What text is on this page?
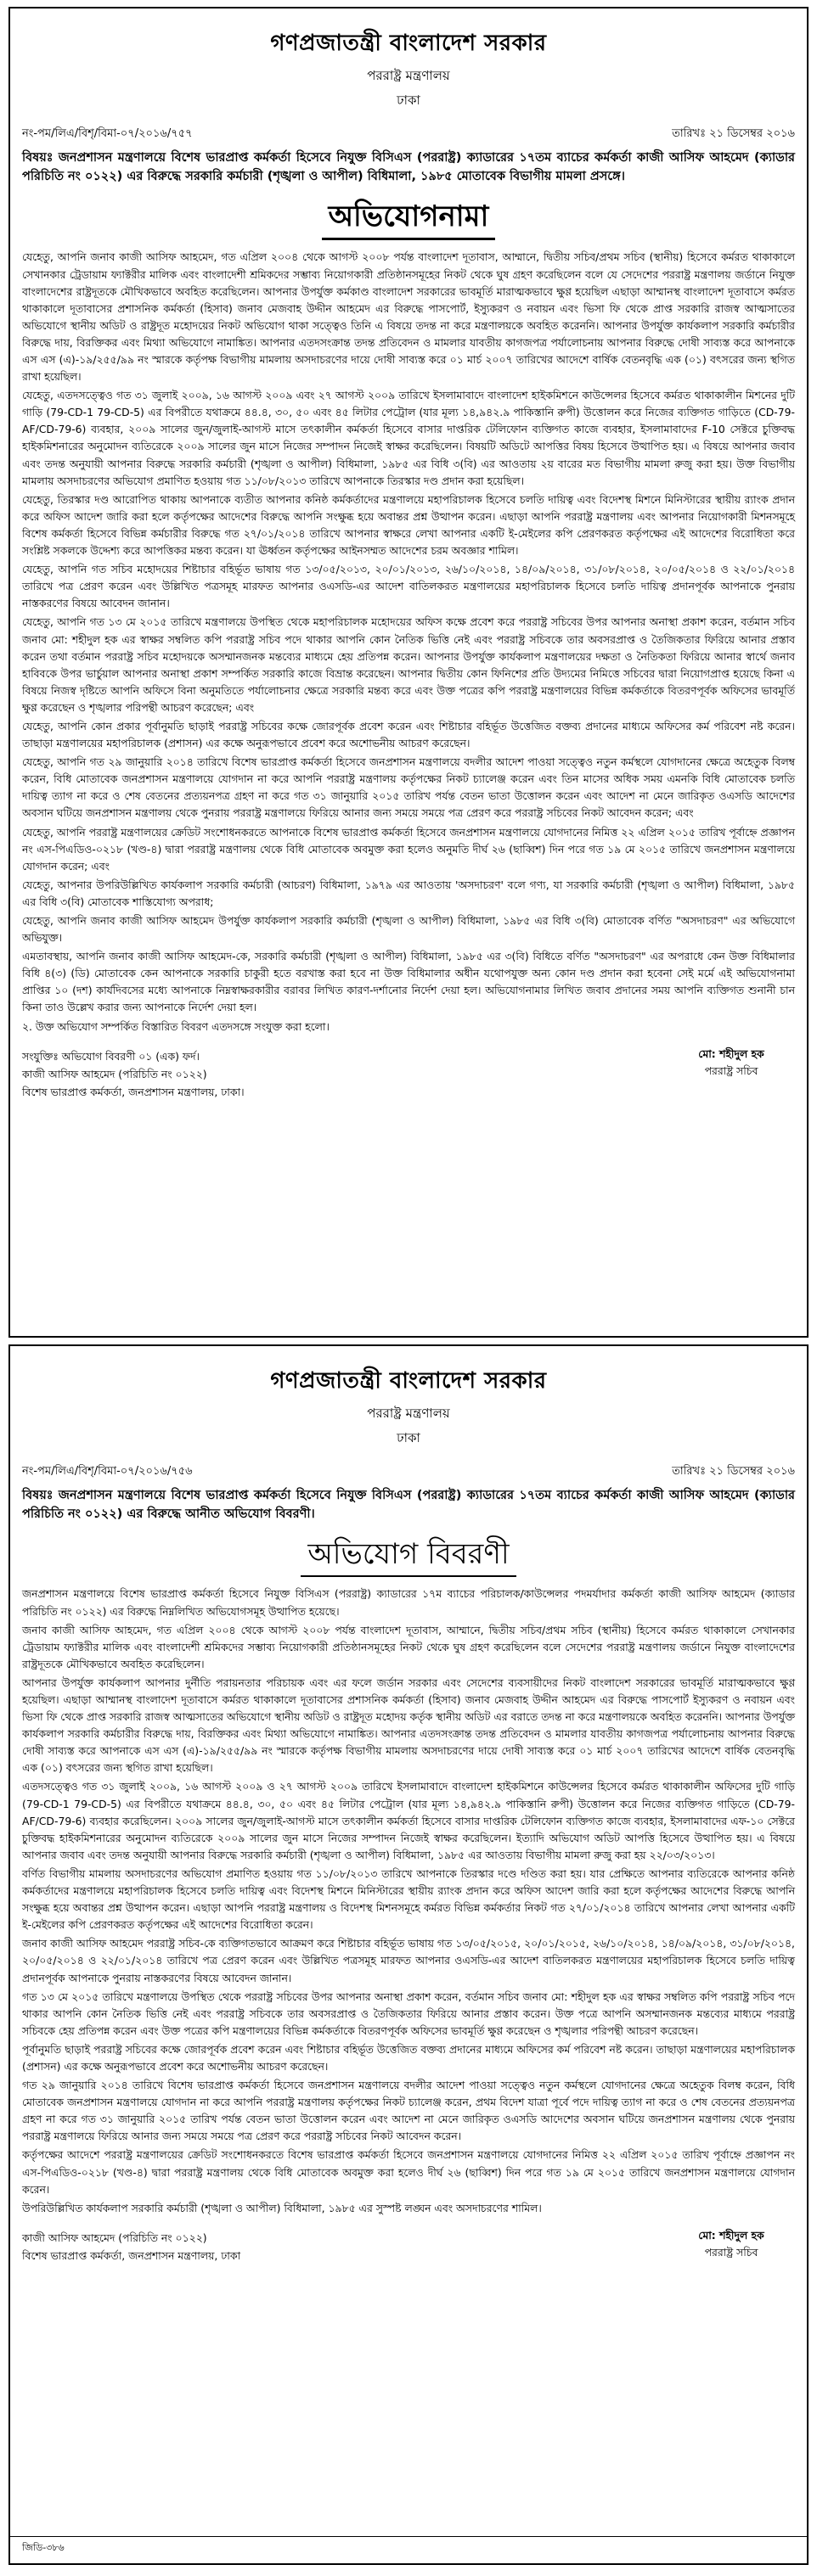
গণপ্রজাতন্ত্রী বাংলাদেশ সরকার
পররাষ্ট্র মন্ত্রণালয়
ঢাকা
নং-পম/লিএ/বিশৃ/বিমা-০৭/২০১৬/৭৫৭	তারিখঃ ২১ ডিসেম্বর ২০১৬
বিষয়ঃ জনপ্রশাসন মন্ত্রণালয়ে বিশেষ ভারপ্রাপ্ত কর্মকর্তা হিসেবে নিযুক্ত বিসিএস (পররাষ্ট্র) ক্যাডারের ১৭তম ব্যাচের কর্মকর্তা কাজী আসিফ আহমেদ (ক্যাডার পরিচিতি নং ০১২২) এর বিরুদ্ধে সরকারি কর্মচারী (শৃঙ্খলা ও আপীল) বিধিমালা, ১৯৮৫ মোতাবেক বিভাগীয় মামলা প্রসঙ্গে।
অভিযোগনামা

যেহেতু, আপনি জনাব কাজী আসিফ আহমেদ, গত এপ্রিল ২০০৪ থেকে আগস্ট ২০০৮ পর্যন্ত বাংলাদেশ দূতাবাস, আম্মানে, দ্বিতীয় সচিব/প্রথম সচিব (স্থানীয়) হিসেবে কর্মরত থাকাকালে সেখানকার ট্রেডায়াম ফ্যাক্টরীর মালিক এবং বাংলাদেশী শ্রমিকদের সম্ভাব্য নিয়োগকারী প্রতিষ্ঠানসমূহের নিকট থেকে ঘুষ গ্রহণ করেছিলেন বলে যে সেদেশের পররাষ্ট্র মন্ত্রণালয় জর্ডানে নিযুক্ত বাংলাদেশের রাষ্ট্রদূতকে মৌখিকভাবে অবহিত করেছিলেন। আপনার উপর্যুক্ত কর্মকাণ্ড বাংলাদেশ সরকারের ভাবমূর্তি মারাত্মকভাবে ক্ষুণ্ণ হয়েছিল এছাড়া আম্মানস্থ বাংলাদেশ দূতাবাসে কর্মরত থাকাকালে দূতাবাসের প্রশাসনিক কর্মকর্তা (হিসাব) জনাব মেজবাহ উদ্দীন আহমেদ এর বিরুদ্ধে পাসপোর্ট, ইস্যুকরণ ও নবায়ন এবং ভিসা ফি থেকে প্রাপ্ত সরকারি রাজস্ব আত্মসাতের অভিযোগে স্থানীয় অডিট ও রাষ্ট্রদূত মহোদয়ের নিকট অভিযোগ থাকা সত্ত্বেও তিনি এ বিষয়ে তদন্ত না করে মন্ত্রণালয়কে অবহিত করেননি। আপনার উপর্যুক্ত কার্যকলাপ সরকারি কর্মচারীর বিরুদ্ধে দায়, বিরক্তিকর এবং মিথ্যা অভিযোগে নামাঙ্কিত। আপনার এতদসংক্রান্ত তদন্ত প্রতিবেদন ও মামলার যাবতীয় কাগজপত্র পর্যালোচনায় আপনার বিরুদ্ধে দোষী সাব্যস্ত করে আপনাকে এস এস (এ)-১৯/২৫৫/৯৯ নং স্মারকে কর্তৃপক্ষ বিভাগীয় মামলায় অসদাচরণের দায়ে দোষী সাব্যস্ত করে ০১ মার্চ ২০০৭ তারিখের আদেশে বার্ষিক বেতনবৃদ্ধি এক (০১) বৎসরের জন্য স্থগিত রাখা হয়েছিল।

যেহেতু, এতদসত্ত্বেও গত ৩১ জুলাই ২০০৯, ১৬ আগস্ট ২০০৯ এবং ২৭ আগস্ট ২০০৯ তারিখে ইসলামাবাদে বাংলাদেশ হাইকমিশনে কাউন্সেলর হিসেবে কর্মরত থাকাকালীন মিশনের দুটি গাড়ি (79-CD-1 79-CD-5) এর বিপরীতে যথাক্রমে ৪৪.৪, ৩০, ৫০ এবং ৪৫ লিটার পেট্রোল (যার মূল্য ১৪,৯৪২.৯ পাকিস্তানি রুপী) উত্তোলন করে নিজের ব্যক্তিগত গাড়িতে (CD-79-AF/CD-79-6) ব্যবহার, ২০০৯ সালের জুন/জুলাই-আগস্ট মাসে তৎকালীন কর্মকর্তা হিসেবে বাসার দাপ্তরিক টেলিফোন ব্যক্তিগত কাজে ব্যবহার, ইসলামাবাদের F-10 সেক্টরে চুক্তিবদ্ধ হাইকমিশনারের অনুমোদন ব্যতিরেকে ২০০৯ সালের জুন মাসে নিজের সম্পাদন নিজেই স্বাক্ষর করেছিলেন। বিষয়টি অডিটে আপত্তির বিষয় হিসেবে উত্থাপিত হয়। এ বিষয়ে আপনার জবাব এবং তদন্ত অনুযায়ী আপনার বিরুদ্ধে সরকারি কর্মচারী (শৃঙ্খলা ও আপীল) বিধিমালা, ১৯৮৫ এর বিধি ৩(বি) এর আওতায় ২য় বারের মত বিভাগীয় মামলা রুজু করা হয়। উক্ত বিভাগীয় মামলায় অসদাচরণের অভিযোগ প্রমাণিত হওয়ায় গত ১১/০৮/২০১৩ তারিখে আপনাকে তিরস্কার দণ্ড প্রদান করা হয়েছিল।

যেহেতু, তিরস্কার দণ্ড আরোপিত থাকায় আপনাকে ব্যতীত আপনার কনিষ্ঠ কর্মকর্তাদের মন্ত্রণালয়ে মহাপরিচালক হিসেবে চলতি দায়িত্ব এবং বিদেশস্থ মিশনে মিনিস্টারের স্থায়ীয় র‌্যাংক প্রদান করে অফিস আদেশ জারি করা হলে কর্তৃপক্ষের আদেশের বিরুদ্ধে আপনি সংক্ষুব্ধ হয়ে অবান্তর প্রশ্ন উত্থাপন করেন। এছাড়া আপনি পররাষ্ট্র মন্ত্রণালয় এবং আপনার নিয়োগকারী মিশনসমূহে বিশেষ কর্মকর্তা হিসেবে বিভিন্ন কর্মচারীর বিরুদ্ধে গত ২৭/০১/২০১৪ তারিখে আপনার স্বাক্ষরে লেখা আপনার একটি ই-মেইলের কপি প্রেরণকরত কর্তৃপক্ষের এই আদেশের বিরোধিতা করে সংশ্লিষ্ট সকলকে উদ্দেশ্য করে আপত্তিকর মন্তব্য করেন। যা ঊর্ধ্বতন কর্তৃপক্ষের আইনসম্মত আদেশের চরম অবজ্ঞার শামিল।

যেহেতু, আপনি গত সচিব মহোদয়ের শিষ্টাচার বহির্ভূত ভাষায় গত ১৩/০৫/২০১৩, ২০/০১/২০১৩, ২৬/১০/২০১৪, ১৪/০৯/২০১৪, ৩১/০৮/২০১৪, ২০/০৫/২০১৪ ও ২২/০১/২০১৪ তারিখে পত্র প্রেরণ করেন এবং উল্লিখিত পত্রসমূহ মারফত আপনার ওএসডি-এর আদেশ বাতিলকরত মন্ত্রণালয়ের মহাপরিচালক হিসেবে চলতি দায়িত্ব প্রদানপূর্বক আপনাকে পুনরায় নাস্তকরণের বিষয়ে আবেদন জানান।

যেহেতু, আপনি গত ১৩ মে ২০১৫ তারিখে মন্ত্রণালয়ে উপস্থিত থেকে মহাপরিচালক মহোদয়ের অফিস কক্ষে প্রবেশ করে পররাষ্ট্র সচিবের উপর আপনার অনাস্থা প্রকাশ করেন, বর্তমান সচিব জনাব মো: শহীদুল হক এর স্বাক্ষর সম্বলিত কপি পররাষ্ট্র সচিব পদে থাকার আপনি কোন নৈতিক ভিত্তি নেই এবং পররাষ্ট্র সচিবকে তার অবসরপ্রাপ্ত ও তৈজিকতার ফিরিয়ে আনার প্রস্তাব করেন তথা বর্তমান পররাষ্ট্র সচিব মহোদয়কে অসম্মানজনক মন্তব্যের মাধ্যমে হেয় প্রতিপন্ন করেন। আপনার উপর্যুক্ত কার্যকলাপ মন্ত্রণালয়ের দক্ষতা ও নৈতিকতা ফিরিয়ে আনার স্বার্থে জনাব হাবিবকে উপর ভার্চুয়াল আপনার অনাস্থা প্রকাশ সম্পর্কিত সরকারি কাজে বিভ্রান্ত করেছেন। আপনার দ্বিতীয় কোন ফিনিশের প্রতি উদ্যমের নিমিত্তে সচিবের দ্বারা নিয়োগপ্রাপ্ত হয়েছে কিনা এ বিষয়ে নিজস্ব দৃষ্টিতে আপনি অফিসে বিনা অনুমতিতে পর্যালোচনার ক্ষেত্রে সরকারি মন্তব্য করে এবং উক্ত পত্রের কপি পররাষ্ট্র মন্ত্রণালয়ের বিভিন্ন কর্মকর্তাকে বিতরণপূর্বক অফিসের ভাবমূর্তি ক্ষুণ্ণ করেছেন ও শৃঙ্খলার পরিপন্থী আচরণ করেছেন; এবং

যেহেতু, আপনি কোন প্রকার পূর্বানুমতি ছাড়াই পররাষ্ট্র সচিবের কক্ষে জোরপূর্বক প্রবেশ করেন এবং শিষ্টাচার বহির্ভূত উত্তেজিত বক্তব্য প্রদানের মাধ্যমে অফিসের কর্ম পরিবেশ নষ্ট করেন। তাছাড়া মন্ত্রণালয়ের মহাপরিচালক (প্রশাসন) এর কক্ষে অনুরূপভাবে প্রবেশ করে অশোভনীয় আচরণ করেছেন।

যেহেতু, আপনি গত ২৯ জানুয়ারি ২০১৪ তারিখে বিশেষ ভারপ্রাপ্ত কর্মকর্তা হিসেবে জনপ্রশাসন মন্ত্রণালয়ে বদলীর আদেশ পাওয়া সত্ত্বেও নতুন কর্মস্থলে যোগদানের ক্ষেত্রে অহেতুক বিলম্ব করেন, বিধি মোতাবেক জনপ্রশাসন মন্ত্রণালয়ে যোগদান না করে আপনি পররাষ্ট্র মন্ত্রণালয় কর্তৃপক্ষের নিকট চ্যালেঞ্জ করেন এবং তিন মাসের অধিক সময় এমনকি বিধি মোতাবেক চলতি দায়িত্ব ত্যাগ না করে ও শেষ বেতনের প্রত্যয়নপত্র গ্রহণ না করে গত ৩১ জানুয়ারি ২০১৫ তারিখ পর্যন্ত বেতন ভাতা উত্তোলন করেন এবং আদেশ না মেনে জারিকৃত ওএসডি আদেশের অবসান ঘটিয়ে জনপ্রশাসন মন্ত্রণালয় থেকে পুনরায় পররাষ্ট্র মন্ত্রণালয়ে ফিরিয়ে আনার জন্য সময়ে সময়ে পত্র প্রেরণ করে পররাষ্ট্র সচিবের নিকট আবেদন করেন; এবং

যেহেতু, আপনি পররাষ্ট্র মন্ত্রণালয়ের ক্রেডিট সংশোধনকরতে আপনাকে বিশেষ ভারপ্রাপ্ত কর্মকর্তা হিসেবে জনপ্রশাসন মন্ত্রণালয়ে যোগদানের নিমিত্ত ২২ এপ্রিল ২০১৫ তারিখ পূর্বাহ্নে প্রজ্ঞাপন নং এস-পিএডিও-০২১৮ (খণ্ড-৪) দ্বারা পররাষ্ট্র মন্ত্রণালয় থেকে বিধি মোতাবেক অবমুক্ত করা হলেও অনুমতি দীর্ঘ ২৬ (ছাব্বিশ) দিন পরে গত ১৯ মে ২০১৫ তারিখে জনপ্রশাসন মন্ত্রণালয়ে যোগদান করেন; এবং

যেহেতু, আপনার উপরিউল্লিখিত কার্যকলাপ সরকারি কর্মচারী (আচরণ) বিধিমালা, ১৯৭৯ এর আওতায় 'অসদাচরণ' বলে গণ্য, যা সরকারি কর্মচারী (শৃঙ্খলা ও আপীল) বিধিমালা, ১৯৮৫ এর বিধি ৩(বি) মোতাবেক শাস্তিযোগ্য অপরাধ;

যেহেতু, আপনি জনাব কাজী আসিফ আহমেদ উপর্যুক্ত কার্যকলাপ সরকারি কর্মচারী (শৃঙ্খলা ও আপীল) বিধিমালা, ১৯৮৫ এর বিধি ৩(বি) মোতাবেক বর্ণিত "অসদাচরণ" এর অভিযোগে অভিযুক্ত।

এমতাবস্থায়, আপনি জনাব কাজী আসিফ আহমেদ-কে, সরকারি কর্মচারী (শৃঙ্খলা ও আপীল) বিধিমালা, ১৯৮৫ এর ৩(বি) বিধিতে বর্ণিত "অসদাচরণ" এর অপরাধে কেন উক্ত বিধিমালার বিধি ৪(৩) (ডি) মোতাবেক কেন আপনাকে সরকারি চাকুরী হতে বরখাস্ত করা হবে না উক্ত বিধিমালার অধীন যথোপযুক্ত অন্য কোন দণ্ড প্রদান করা হবেনা সেই মর্মে এই অভিযোগনামা প্রাপ্তির ১০ (দশ) কার্যদিবসের মধ্যে আপনাকে নিম্নস্বাক্ষরকারীর বরাবর লিখিত কারণ-দর্শানোর নির্দেশ দেয়া হল। অভিযোগনামার লিখিত জবাব প্রদানের সময় আপনি ব্যক্তিগত শুনানী চান কিনা তাও উল্লেখ করার জন্য আপনাকে নির্দেশ দেয়া হল।

২. উক্ত অভিযোগ সম্পর্কিত বিস্তারিত বিবরণ এতদসঙ্গে সংযুক্ত করা হলো।

সংযুক্তিঃ অভিযোগ বিবরণী ০১ (এক) ফর্দ।
কাজী আসিফ আহমেদ (পরিচিতি নং ০১২২)
বিশেষ ভারপ্রাপ্ত কর্মকর্তা, জনপ্রশাসন মন্ত্রণালয়, ঢাকা।
মো: শহীদুল হক
পররাষ্ট্র সচিব
গণপ্রজাতন্ত্রী বাংলাদেশ সরকার
পররাষ্ট্র মন্ত্রণালয়
ঢাকা
নং-পম/লিএ/বিশৃ/বিমা-০৭/২০১৬/৭৫৬	তারিখঃ ২১ ডিসেম্বর ২০১৬
বিষয়ঃ জনপ্রশাসন মন্ত্রণালয়ে বিশেষ ভারপ্রাপ্ত কর্মকর্তা হিসেবে নিযুক্ত বিসিএস (পররাষ্ট্র) ক্যাডারের ১৭তম ব্যাচের কর্মকর্তা কাজী আসিফ আহমেদ (ক্যাডার পরিচিতি নং ০১২২) এর বিরুদ্ধে আনীত অভিযোগ বিবরণী।
অভিযোগ বিবরণী

জনপ্রশাসন মন্ত্রণালয়ে বিশেষ ভারপ্রাপ্ত কর্মকর্তা হিসেবে নিযুক্ত বিসিএস (পররাষ্ট্র) ক্যাডারের ১৭ম ব্যাচের পরিচালক/কাউন্সেলর পদমর্যাদার কর্মকর্তা কাজী আসিফ আহমেদ (ক্যাডার পরিচিতি নং ০১২২) এর বিরুদ্ধে নিম্নলিখিত অভিযোগসমূহ উত্থাপিত হয়েছে।

জনাব কাজী আসিফ আহমেদ, গত এপ্রিল ২০০৪ থেকে আগস্ট ২০০৮ পর্যন্ত বাংলাদেশ দূতাবাস, আম্মানে, দ্বিতীয় সচিব/প্রথম সচিব (স্থানীয়) হিসেবে কর্মরত থাকাকালে সেখানকার ট্রেডায়াম ফ্যাক্টরীর মালিক এবং বাংলাদেশী শ্রমিকদের সম্ভাব্য নিয়োগকারী প্রতিষ্ঠানসমূহের নিকট থেকে ঘুষ গ্রহণ করেছিলেন বলে সেদেশের পররাষ্ট্র মন্ত্রণালয় জর্ডানে নিযুক্ত বাংলাদেশের রাষ্ট্রদূতকে মৌখিকভাবে অবহিত করেছিলেন।

আপনার উপর্যুক্ত কার্যকলাপ আপনার দুর্নীতি পরায়নতার পরিচায়ক এবং এর ফলে জর্ডান সরকার এবং সেদেশের ব্যবসায়ীদের নিকট বাংলাদেশ সরকারের ভাবমূর্তি মারাত্মকভাবে ক্ষুণ্ণ হয়েছিল। এছাড়া আম্মানস্থ বাংলাদেশ দূতাবাসে কর্মরত থাকাকালে দূতাবাসের প্রশাসনিক কর্মকর্তা (হিসাব) জনাব মেজবাহ উদ্দীন আহমেদ এর বিরুদ্ধে পাসপোর্ট ইস্যুকরণ ও নবায়ন এবং ভিসা ফি থেকে প্রাপ্ত সরকারি রাজস্ব আত্মসাতের অভিযোগে স্থানীয় অডিট ও রাষ্ট্রদূত মহোদয় কর্তৃক স্থানীয় অডিট এর বরাতে তদন্ত না করে মন্ত্রণালয়কে অবহিত করেননি। আপনার উপর্যুক্ত কার্যকলাপ সরকারি কর্মচারীর বিরুদ্ধে দায়, বিরক্তিকর এবং মিথ্যা অভিযোগে নামাঙ্কিত। আপনার এতদসংক্রান্ত তদন্ত প্রতিবেদন ও মামলার যাবতীয় কাগজপত্র পর্যালোচনায় আপনার বিরুদ্ধে দোষী সাব্যস্ত করে আপনাকে এস এস (এ)-১৯/২৫৫/৯৯ নং স্মারকে কর্তৃপক্ষ বিভাগীয় মামলায় অসদাচরণের দায়ে দোষী সাব্যস্ত করে ০১ মার্চ ২০০৭ তারিখের আদেশে বার্ষিক বেতনবৃদ্ধি এক (০১) বৎসরের জন্য স্থগিত রাখা হয়েছিল।

এতদসত্ত্বেও গত ৩১ জুলাই ২০০৯, ১৬ আগস্ট ২০০৯ ও ২৭ আগস্ট ২০০৯ তারিখে ইসলামাবাদে বাংলাদেশ হাইকমিশনে কাউন্সেলর হিসেবে কর্মরত থাকাকালীন অফিসের দুটি গাড়ি (79-CD-1 79-CD-5) এর বিপরীতে যথাক্রমে ৪৪.৪, ৩০, ৫০ এবং ৪৫ লিটার পেট্রোল (যার মূল্য ১৪,৯৪২.৯ পাকিস্তানি রুপী) উত্তোলন করে নিজের ব্যক্তিগত গাড়িতে (CD-79-AF/CD-79-6) ব্যবহার করেছিলেন। ২০০৯ সালের জুন/জুলাই-আগস্ট মাসে তৎকালীন কর্মকর্তা হিসেবে বাসার দাপ্তরিক টেলিফোন ব্যক্তিগত কাজে ব্যবহার, ইসলামাবাদের এফ-১০ সেক্টরে চুক্তিবদ্ধ হাইকমিশনারের অনুমোদন ব্যতিরেকে ২০০৯ সালের জুন মাসে নিজের সম্পাদন নিজেই স্বাক্ষর করেছিলেন। ইত্যাদি অভিযোগ অডিট আপত্তি হিসেবে উত্থাপিত হয়। এ বিষয়ে আপনার জবাব এবং তদন্ত অনুযায়ী আপনার বিরুদ্ধে সরকারি কর্মচারী (শৃঙ্খলা ও আপীল) বিধিমালা, ১৯৮৫ এর আওতায় বিভাগীয় মামলা রুজু করা হয় ২২/০৩/২০১৩।

বর্ণিত বিভাগীয় মামলায় অসদাচরণের অভিযোগ প্রমাণিত হওয়ায় গত ১১/০৮/২০১৩ তারিখে আপনাকে তিরস্কার দণ্ডে দণ্ডিত করা হয়। যার প্রেক্ষিতে আপনার ব্যতিরেকে আপনার কনিষ্ঠ কর্মকর্তাদের মন্ত্রণালয়ে মহাপরিচালক হিসেবে চলতি দায়িত্ব এবং বিদেশস্থ মিশনে মিনিস্টারের স্থায়ীয় র‌্যাংক প্রদান করে অফিস আদেশ জারি করা হলে কর্তৃপক্ষের আদেশের বিরুদ্ধে আপনি সংক্ষুব্ধ হয়ে অবান্তর প্রশ্ন উত্থাপন করেন। এছাড়া আপনি পররাষ্ট্র মন্ত্রণালয় ও বিদেশস্থ মিশনসমূহে কর্মরত বিভিন্ন কর্মকর্তার নিকট গত ২৭/০১/২০১৪ তারিখে আপনার লেখা আপনার একটি ই-মেইলের কপি প্রেরণকরত কর্তৃপক্ষের এই আদেশের বিরোধিতা করেন।

জনাব কাজী আসিফ আহমেদ পররাষ্ট্র সচিব-কে ব্যক্তিগতভাবে আক্রমণ করে শিষ্টাচার বহির্ভূত ভাষায় গত ১৩/০৫/২০১৫, ২০/০১/২০১৫, ২৬/১০/২০১৪, ১৪/০৯/২০১৪, ৩১/০৮/২০১৪, ২০/০৫/২০১৪ ও ২২/০১/২০১৪ তারিখে পত্র প্রেরণ করেন এবং উল্লিখিত পত্রসমূহ মারফত আপনার ওএসডি-এর আদেশ বাতিলকরত মন্ত্রণালয়ের মহাপরিচালক হিসেবে চলতি দায়িত্ব প্রদানপূর্বক আপনাকে পুনরায় নাস্তকরণের বিষয়ে আবেদন জানান।

গত ১৩ মে ২০১৫ তারিখে মন্ত্রণালয়ে উপস্থিত থেকে পররাষ্ট্র সচিবের উপর আপনার অনাস্থা প্রকাশ করেন, বর্তমান সচিব জনাব মো: শহীদুল হক এর স্বাক্ষর সম্বলিত কপি পররাষ্ট্র সচিব পদে থাকার আপনি কোন নৈতিক ভিত্তি নেই এবং পররাষ্ট্র সচিবকে তার অবসরপ্রাপ্ত ও তৈজিকতার ফিরিয়ে আনার প্রস্তাব করেন। উক্ত পত্রে আপনি অসম্মানজনক মন্তব্যের মাধ্যমে পররাষ্ট্র সচিবকে হেয় প্রতিপন্ন করেন এবং উক্ত পত্রের কপি মন্ত্রণালয়ের বিভিন্ন কর্মকর্তাকে বিতরণপূর্বক অফিসের ভাবমূর্তি ক্ষুণ্ণ করেছেন ও শৃঙ্খলার পরিপন্থী আচরণ করেছেন।

পূর্বানুমতি ছাড়াই পররাষ্ট্র সচিবের কক্ষে জোরপূর্বক প্রবেশ করেন এবং শিষ্টাচার বহির্ভূত উত্তেজিত বক্তব্য প্রদানের মাধ্যমে অফিসের কর্ম পরিবেশ নষ্ট করেন। তাছাড়া মন্ত্রণালয়ের মহাপরিচালক (প্রশাসন) এর কক্ষে অনুরূপভাবে প্রবেশ করে অশোভনীয় আচরণ করেছেন।

গত ২৯ জানুয়ারি ২০১৪ তারিখে বিশেষ ভারপ্রাপ্ত কর্মকর্তা হিসেবে জনপ্রশাসন মন্ত্রণালয়ে বদলীর আদেশ পাওয়া সত্ত্বেও নতুন কর্মস্থলে যোগদানের ক্ষেত্রে অহেতুক বিলম্ব করেন, বিধি মোতাবেক জনপ্রশাসন মন্ত্রণালয়ে যোগদান না করে আপনি পররাষ্ট্র মন্ত্রণালয় কর্তৃপক্ষের নিকট চ্যালেঞ্জ করেন, প্রথম বিদেশ যাত্রা পূর্বে পদে দায়িত্ব ত্যাগ না করে ও শেষ বেতনের প্রত্যয়নপত্র গ্রহণ না করে গত ৩১ জানুয়ারি ২০১৫ তারিখ পর্যন্ত বেতন ভাতা উত্তোলন করেন এবং আদেশ না মেনে জারিকৃত ওএসডি আদেশের অবসান ঘটিয়ে জনপ্রশাসন মন্ত্রণালয় থেকে পুনরায় পররাষ্ট্র মন্ত্রণালয়ে ফিরিয়ে আনার জন্য সময়ে সময়ে পত্র প্রেরণ করে পররাষ্ট্র সচিবের নিকট আবেদন করেন।

কর্তৃপক্ষের আদেশে পররাষ্ট্র মন্ত্রণালয়ের ক্রেডিট সংশোধনকরতে বিশেষ ভারপ্রাপ্ত কর্মকর্তা হিসেবে জনপ্রশাসন মন্ত্রণালয়ে যোগদানের নিমিত্ত ২২ এপ্রিল ২০১৫ তারিখ পূর্বাহ্নে প্রজ্ঞাপন নং এস-পিএডিও-০২১৮ (খণ্ড-৪) দ্বারা পররাষ্ট্র মন্ত্রণালয় থেকে বিধি মোতাবেক অবমুক্ত করা হলেও দীর্ঘ ২৬ (ছাব্বিশ) দিন পরে গত ১৯ মে ২০১৫ তারিখে জনপ্রশাসন মন্ত্রণালয়ে যোগদান করেন।

উপরিউল্লিখিত কার্যকলাপ সরকারি কর্মচারী (শৃঙ্খলা ও আপীল) বিধিমালা, ১৯৮৫ এর সুস্পষ্ট লঙ্ঘন এবং অসদাচরণের শামিল।

কাজী আসিফ আহমেদ (পরিচিতি নং ০১২২)
বিশেষ ভারপ্রাপ্ত কর্মকর্তা, জনপ্রশাসন মন্ত্রণালয়, ঢাকা
মো: শহীদুল হক
পররাষ্ট্র সচিব
জিডি-৩৮৬
